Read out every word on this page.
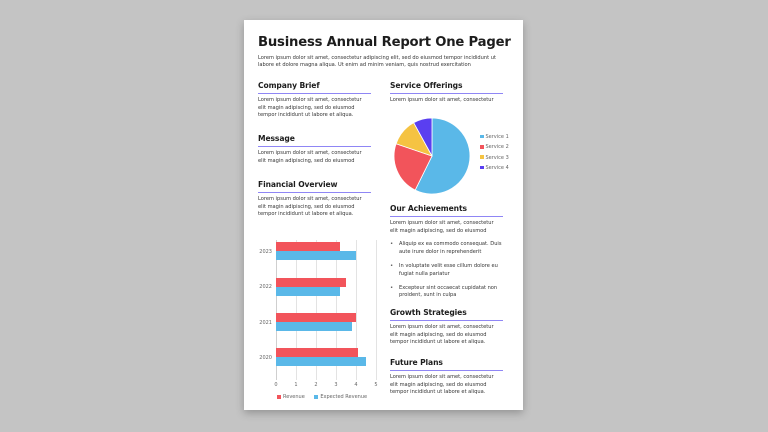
Business Annual Report One Pager
Lorem ipsum dolor sit amet, consectetur adipiscing elit, sed do eiusmod tempor incididunt ut labore et dolore magna aliqua. Ut enim ad minim veniam, quis nostrud exercitation
Company Brief

Lorem ipsum dolor sit amet, consectetur elit magin adipiscing, sed do eiusmod tempor incididunt ut labore et aliqua.

Message

Lorem ipsum dolor sit amet, consectetur elit magin adipiscing, sed do eiusmod

Financial Overview

Lorem ipsum dolor sit amet, consectetur elit magin adipiscing, sed do eiusmod tempor incididunt ut labore et aliqua.

2023
2022
2021
2020
0	1	2	3	4	5
Revenue	Expected Revenue
Service Offerings

Lorem ipsum dolor sit amet, consectetur

Service 1
Service 2
Service 3
Service 4
Our Achievements

Lorem ipsum dolor sit amet, consectetur elit magin adipiscing, sed do eiusmod

• Aliquip ex ea commodo consequat. Duis aute irure dolor in reprehenderit
• In voluptate velit esse cillum dolore eu fugiat nulla pariatur
• Excepteur sint occaecat cupidatat non proident, sunt in culpa
Growth Strategies

Lorem ipsum dolor sit amet, consectetur elit magin adipiscing, sed do eiusmod tempor incididunt ut labore et aliqua.

Future Plans

Lorem ipsum dolor sit amet, consectetur elit magin adipiscing, sed do eiusmod tempor incididunt ut labore et aliqua.
